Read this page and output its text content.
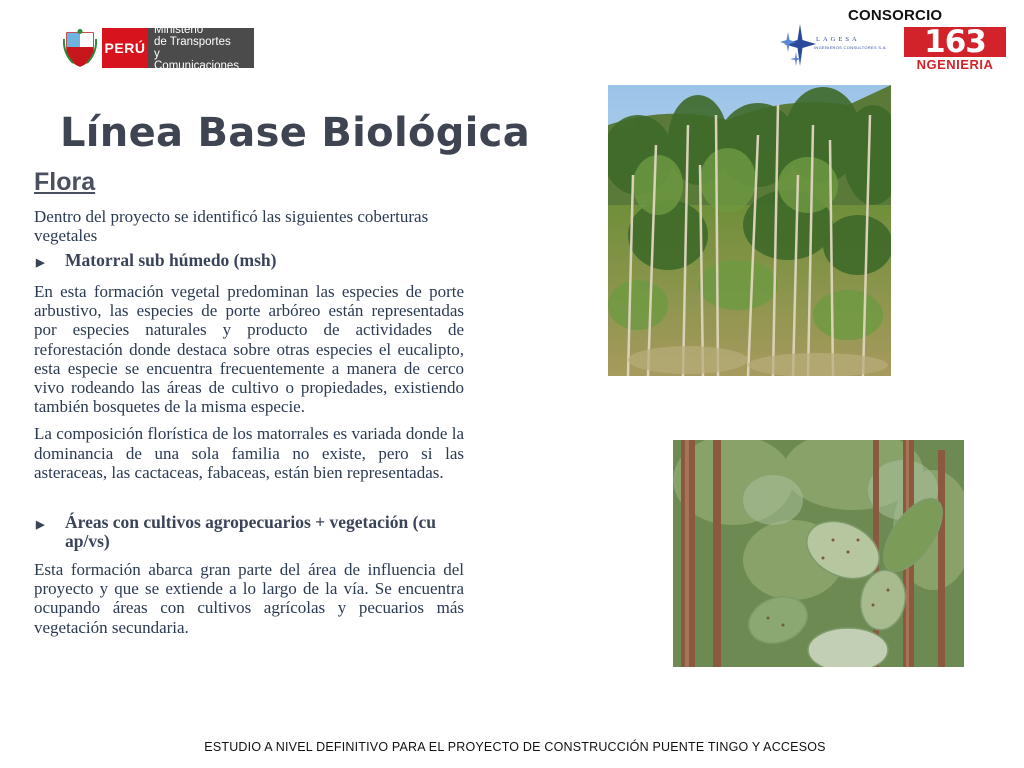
PERÚ
Ministerio
de Transportes
y Comunicaciones
CONSORCIO
LAGESA
INGENIEROS CONSULTORES S.A.	163
NGENIERIA
Línea Base Biológica
Flora
Dentro del proyecto se identificó las siguientes coberturas vegetales
▶	Matorral sub húmedo (msh)
En esta formación vegetal predominan las especies de porte arbustivo, las especies de porte arbóreo están representadas por especies naturales y producto de actividades de reforestación donde destaca sobre otras especies el eucalipto, esta especie se encuentra frecuentemente a manera de cerco vivo rodeando las áreas de cultivo o propiedades, existiendo también bosquetes de la misma especie.
La composición florística de los matorrales es variada donde la dominancia de una sola familia no existe, pero si las asteraceas, las cactaceas, fabaceas, están bien representadas.
▶	Áreas con cultivos agropecuarios + vegetación (cu ap/vs)
Esta formación abarca gran parte del área de influencia del proyecto y que se extiende a lo largo de la vía. Se encuentra ocupando áreas con cultivos agrícolas y pecuarios más vegetación secundaria.
ESTUDIO A NIVEL DEFINITIVO PARA EL PROYECTO DE CONSTRUCCIÓN PUENTE TINGO Y ACCESOS
